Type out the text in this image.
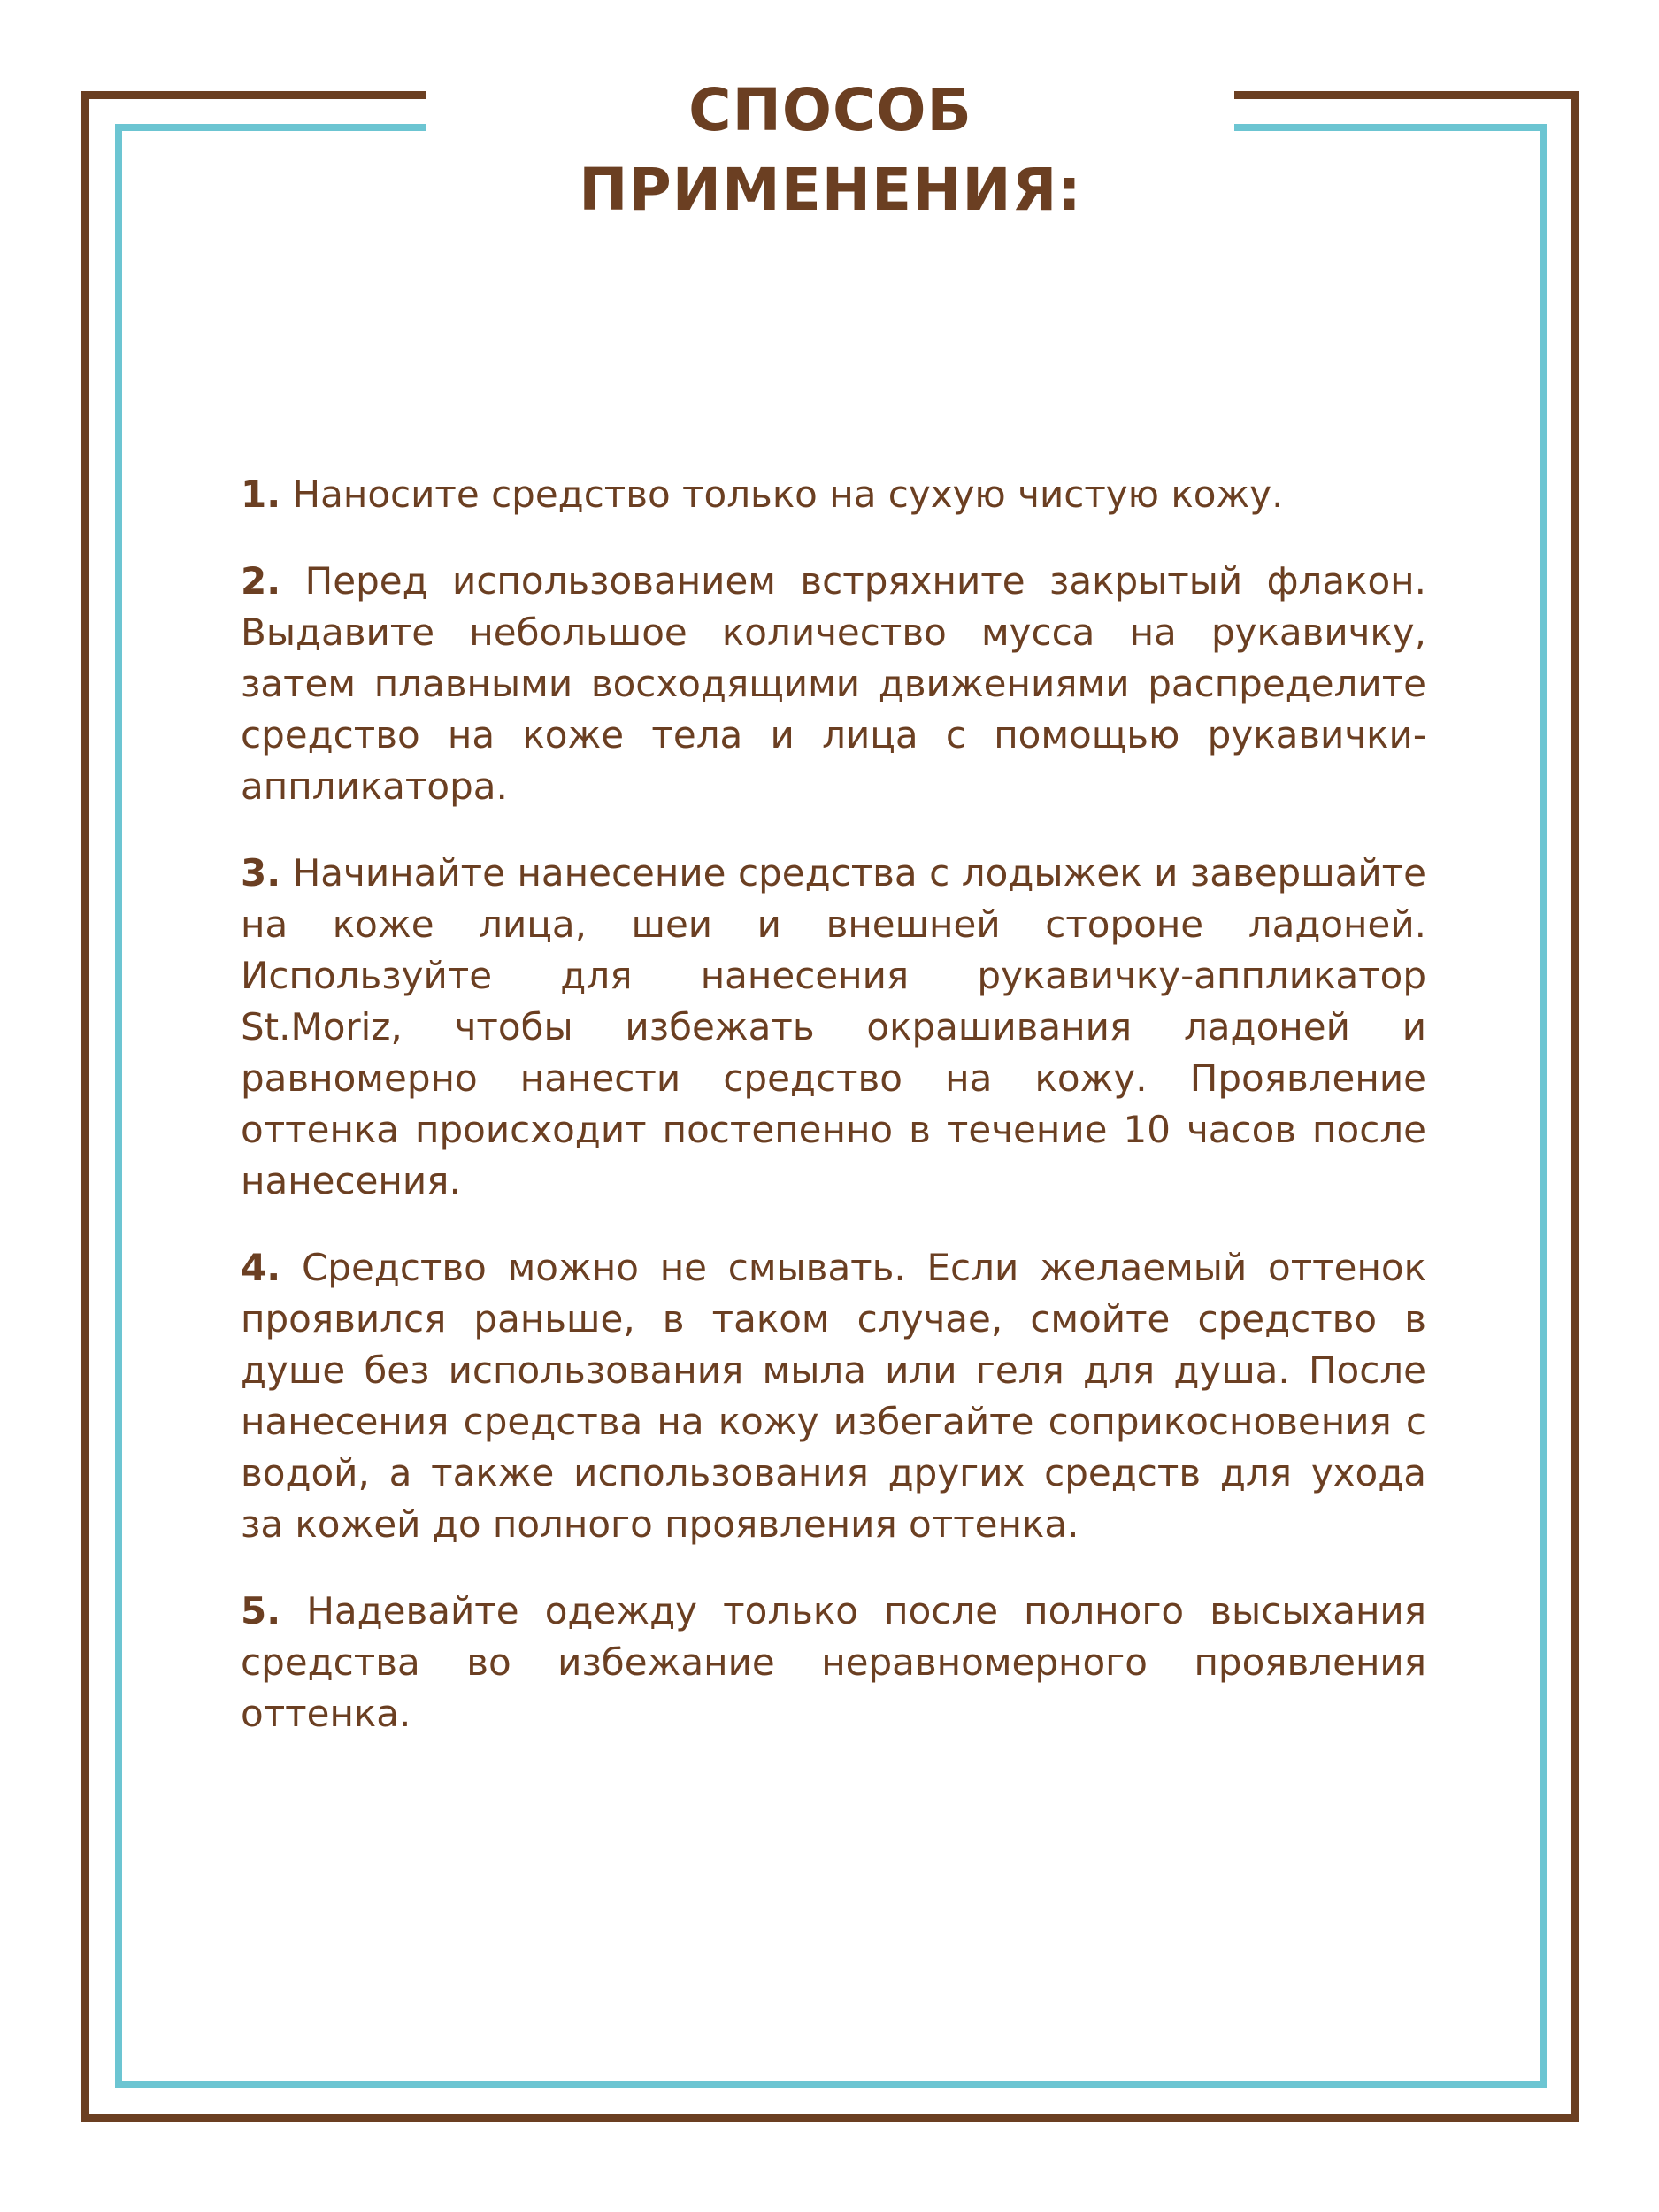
СПОСОБ ПРИМЕНЕНИЯ:

1. Наносите средство только на сухую чистую кожу.

2. Перед использованием встряхните закрытый флакон. Выдавите небольшое количество мусса на рукавичку, затем плавными восходящими движениями распределите средство на коже тела и лица с помощью рукавички-аппликатора.

3. Начинайте нанесение средства с лодыжек и завершайте на коже лица, шеи и внешней стороне ладоней. Используйте для нанесения рукавичку-аппликатор St.Moriz, чтобы избежать окрашивания ладоней и равномерно нанести средство на кожу. Проявление оттенка происходит постепенно в течение 10 часов после нанесения.

4. Средство можно не смывать. Если желаемый оттенок проявился раньше, в таком случае, смойте средство в душе без использования мыла или геля для душа. После нанесения средства на кожу избегайте соприкосновения с водой, а также использования других средств для ухода за кожей до полного проявления оттенка.

5. Надевайте одежду только после полного высыхания средства во избежание неравномерного проявления оттенка.
